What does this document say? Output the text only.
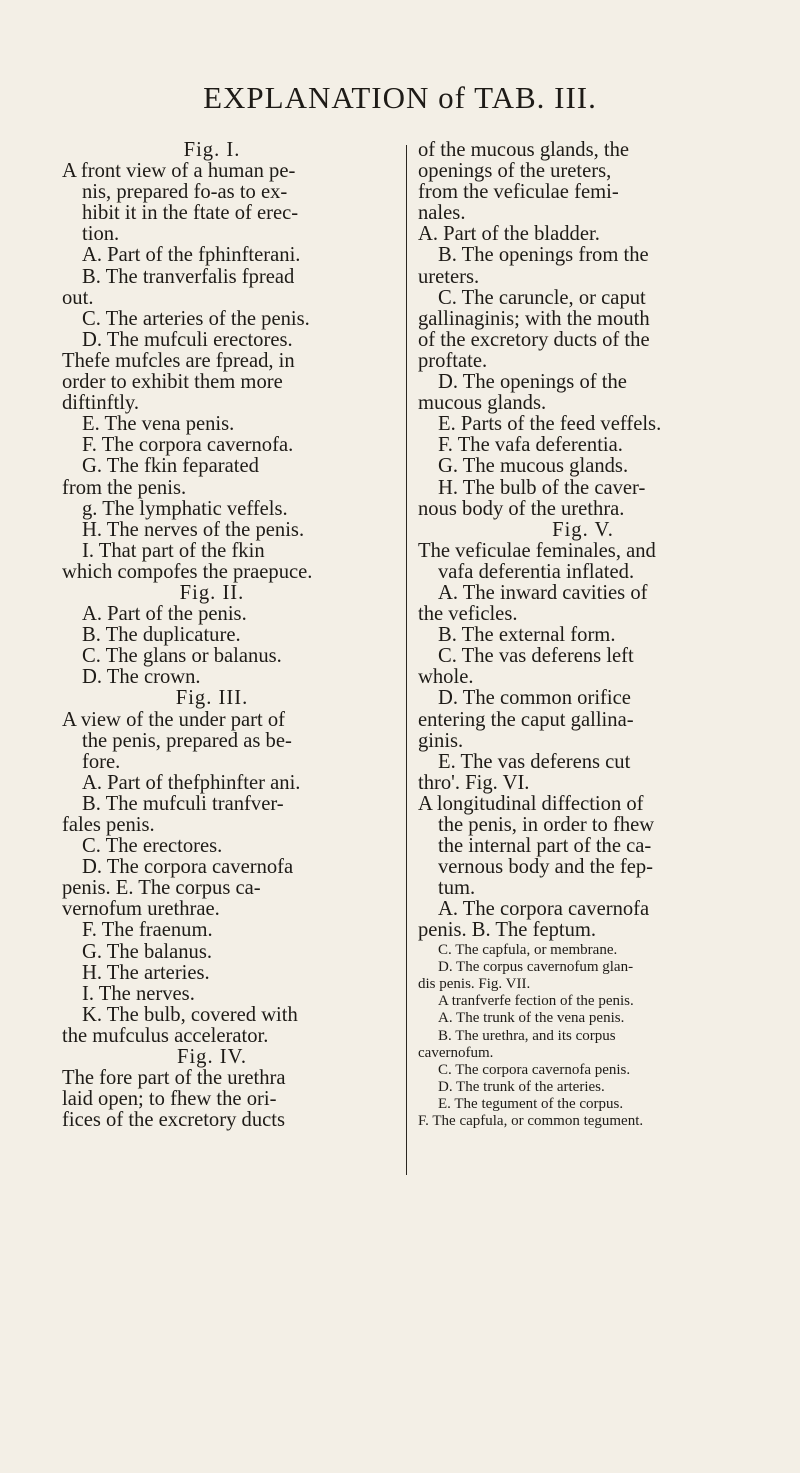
EXPLANATION of TAB. III.
Fig. I.
A front view of a human pe-
nis, prepared fo-as to ex-
hibit it in the ftate of erec-
tion.
A. Part of the fphinfterani.
B. The tranverfalis fpread
out.
C. The arteries of the penis.
D. The mufculi erectores.
Thefe mufcles are fpread, in
order to exhibit them more
diftinftly.
E. The vena penis.
F. The corpora cavernofa.
G. The fkin feparated
from the penis.
g. The lymphatic veffels.
H. The nerves of the penis.
I. That part of the fkin
which compofes the praepuce.
Fig. II.
A. Part of the penis.
B. The duplicature.
C. The glans or balanus.
D. The crown.
Fig. III.
A view of the under part of
the penis, prepared as be-
fore.
A. Part of thefphinfter ani.
B. The mufculi tranfver-
fales penis.
C. The erectores.
D. The corpora cavernofa
penis. E. The corpus ca-
vernofum urethrae.
F. The fraenum.
G. The balanus.
H. The arteries.
I. The nerves.
K. The bulb, covered with
the mufculus accelerator.
Fig. IV.
The fore part of the urethra
laid open; to fhew the ori-
fices of the excretory ducts
of the mucous glands, the
openings of the ureters,
from the veficulae femi-
nales.
A. Part of the bladder.
B. The openings from the
ureters.
C. The caruncle, or caput
gallinaginis; with the mouth
of the excretory ducts of the
proftate.
D. The openings of the
mucous glands.
E. Parts of the feed veffels.
F. The vafa deferentia.
G. The mucous glands.
H. The bulb of the caver-
nous body of the urethra.
Fig. V.
The veficulae feminales, and
vafa deferentia inflated.
A. The inward cavities of
the veficles.
B. The external form.
C. The vas deferens left
whole.
D. The common orifice
entering the caput gallina-
ginis.
E. The vas deferens cut
thro'. Fig. VI.
A longitudinal diffection of
the penis, in order to fhew
the internal part of the ca-
vernous body and the fep-
tum.
A. The corpora cavernofa
penis. B. The feptum.
C. The capfula, or membrane.
D. The corpus cavernofum glan-
dis penis. Fig. VII.
A tranfverfe fection of the penis.
A. The trunk of the vena penis.
B. The urethra, and its corpus
cavernofum.
C. The corpora cavernofa penis.
D. The trunk of the arteries.
E. The tegument of the corpus.
F. The capfula, or common tegument.
